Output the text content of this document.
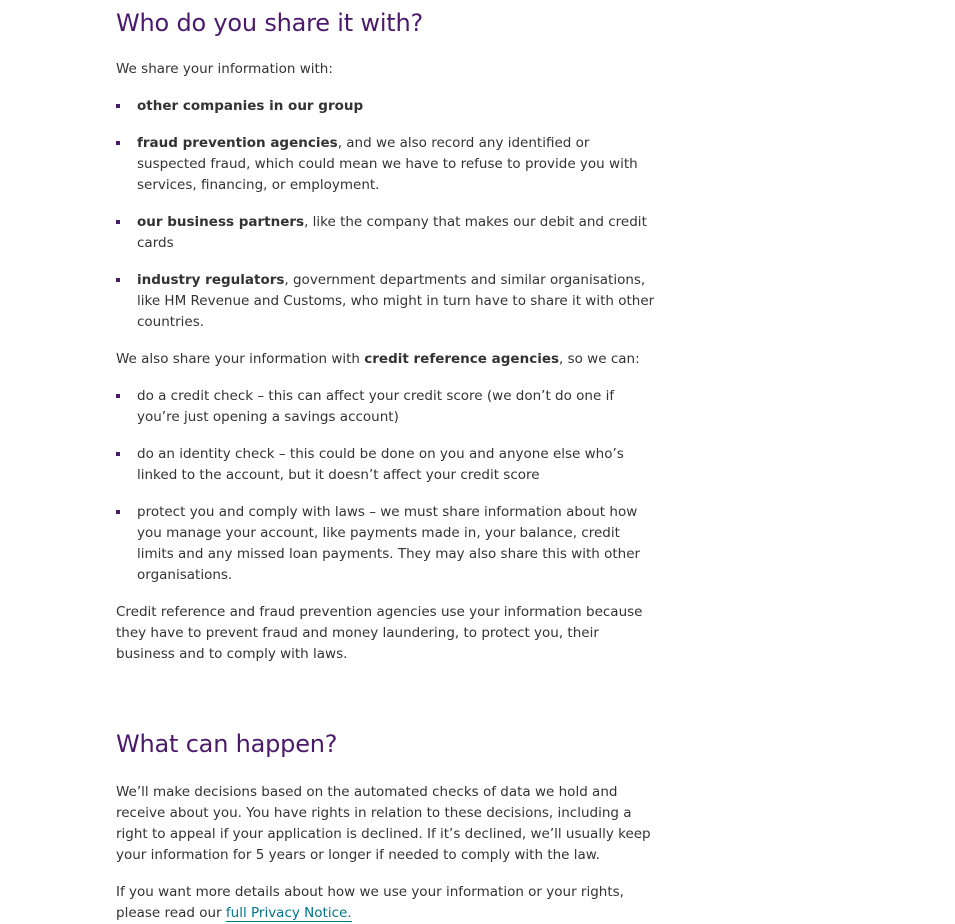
Who do you share it with?

We share your information with:

other companies in our group
fraud prevention agencies, and we also record any identified or suspected fraud, which could mean we have to refuse to provide you with services, financing, or employment.
our business partners, like the company that makes our debit and credit cards
industry regulators, government departments and similar organisations, like HM Revenue and Customs, who might in turn have to share it with other countries.

We also share your information with credit reference agencies, so we can:

do a credit check – this can affect your credit score (we don’t do one if you’re just opening a savings account)
do an identity check – this could be done on you and anyone else who’s linked to the account, but it doesn’t affect your credit score
protect you and comply with laws – we must share information about how you manage your account, like payments made in, your balance, credit limits and any missed loan payments. They may also share this with other organisations.

Credit reference and fraud prevention agencies use your information because they have to prevent fraud and money laundering, to protect you, their business and to comply with laws.

What can happen?

We’ll make decisions based on the automated checks of data we hold and receive about you. You have rights in relation to these decisions, including a right to appeal if your application is declined. If it’s declined, we’ll usually keep your information for 5 years or longer if needed to comply with the law.

If you want more details about how we use your information or your rights, please read our full Privacy Notice.
